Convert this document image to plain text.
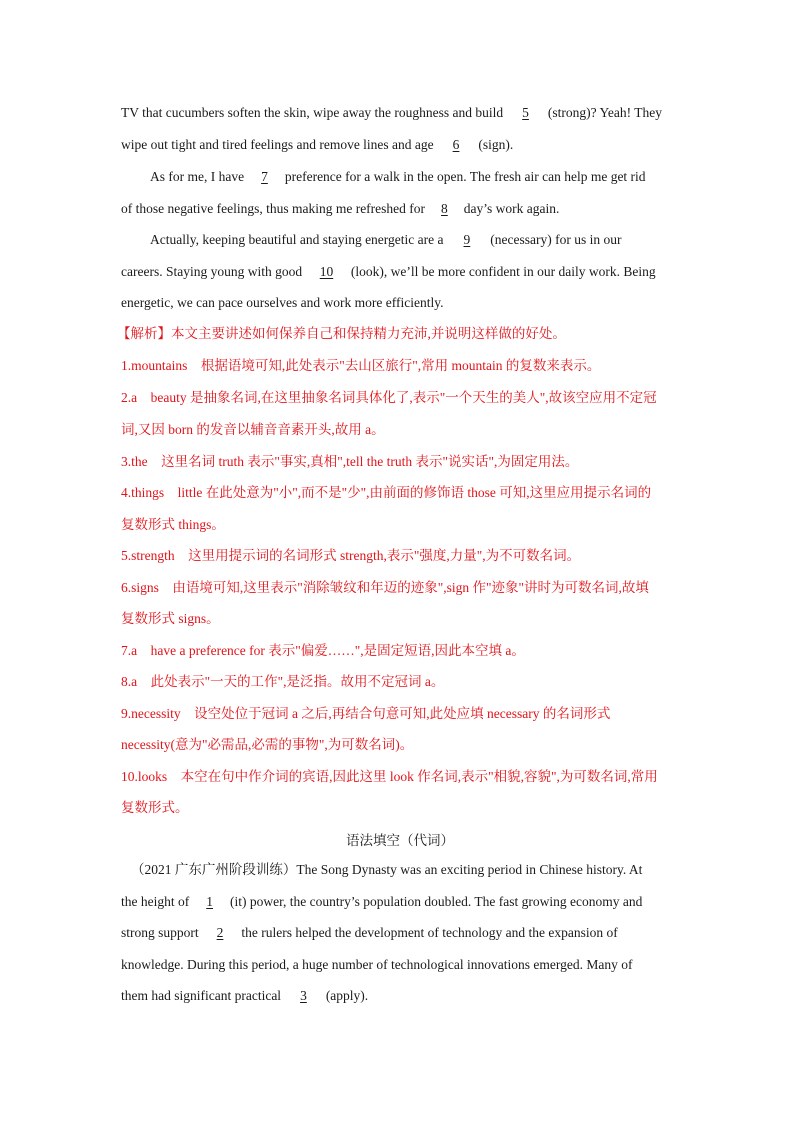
TV that cucumbers soften the skin, wipe away the roughness and build 5 (strong)? Yeah! They
wipe out tight and tired feelings and remove lines and age 6 (sign).
As for me, I have 7 preference for a walk in the open. The fresh air can help me get rid
of those negative feelings, thus making me refreshed for 8 day’s work again.
Actually, keeping beautiful and staying energetic are a 9 (necessary) for us in our
careers. Staying young with good 10 (look), we’ll be more confident in our daily work. Being
energetic, we can pace ourselves and work more efficiently.
【解析】本文主要讲述如何保养自己和保持精力充沛,并说明这样做的好处。
1.mountains　根据语境可知,此处表示"去山区旅行",常用 mountain 的复数来表示。
2.a　beauty 是抽象名词,在这里抽象名词具体化了,表示"一个天生的美人",故该空应用不定冠
词,又因 born 的发音以辅音音素开头,故用 a。
3.the　这里名词 truth 表示"事实,真相",tell the truth 表示"说实话",为固定用法。
4.things　little 在此处意为"小",而不是"少",由前面的修饰语 those 可知,这里应用提示名词的
复数形式 things。
5.strength　这里用提示词的名词形式 strength,表示"强度,力量",为不可数名词。
6.signs　由语境可知,这里表示"消除皱纹和年迈的迹象",sign 作"迹象"讲时为可数名词,故填
复数形式 signs。
7.a　have a preference for 表示"偏爱……",是固定短语,因此本空填 a。
8.a　此处表示"一天的工作",是泛指。故用不定冠词 a。
9.necessity　设空处位于冠词 a 之后,再结合句意可知,此处应填 necessary 的名词形式
necessity(意为"必需品,必需的事物",为可数名词)。
10.looks　本空在句中作介词的宾语,因此这里 look 作名词,表示"相貌,容貌",为可数名词,常用
复数形式。
语法填空（代词）
（2021 广东广州阶段训练）The Song Dynasty was an exciting period in Chinese history. At
the height of 1 (it) power, the country’s population doubled. The fast growing economy and
strong support 2 the rulers helped the development of technology and the expansion of
knowledge. During this period, a huge number of technological innovations emerged. Many of
them had significant practical 3 (apply).
